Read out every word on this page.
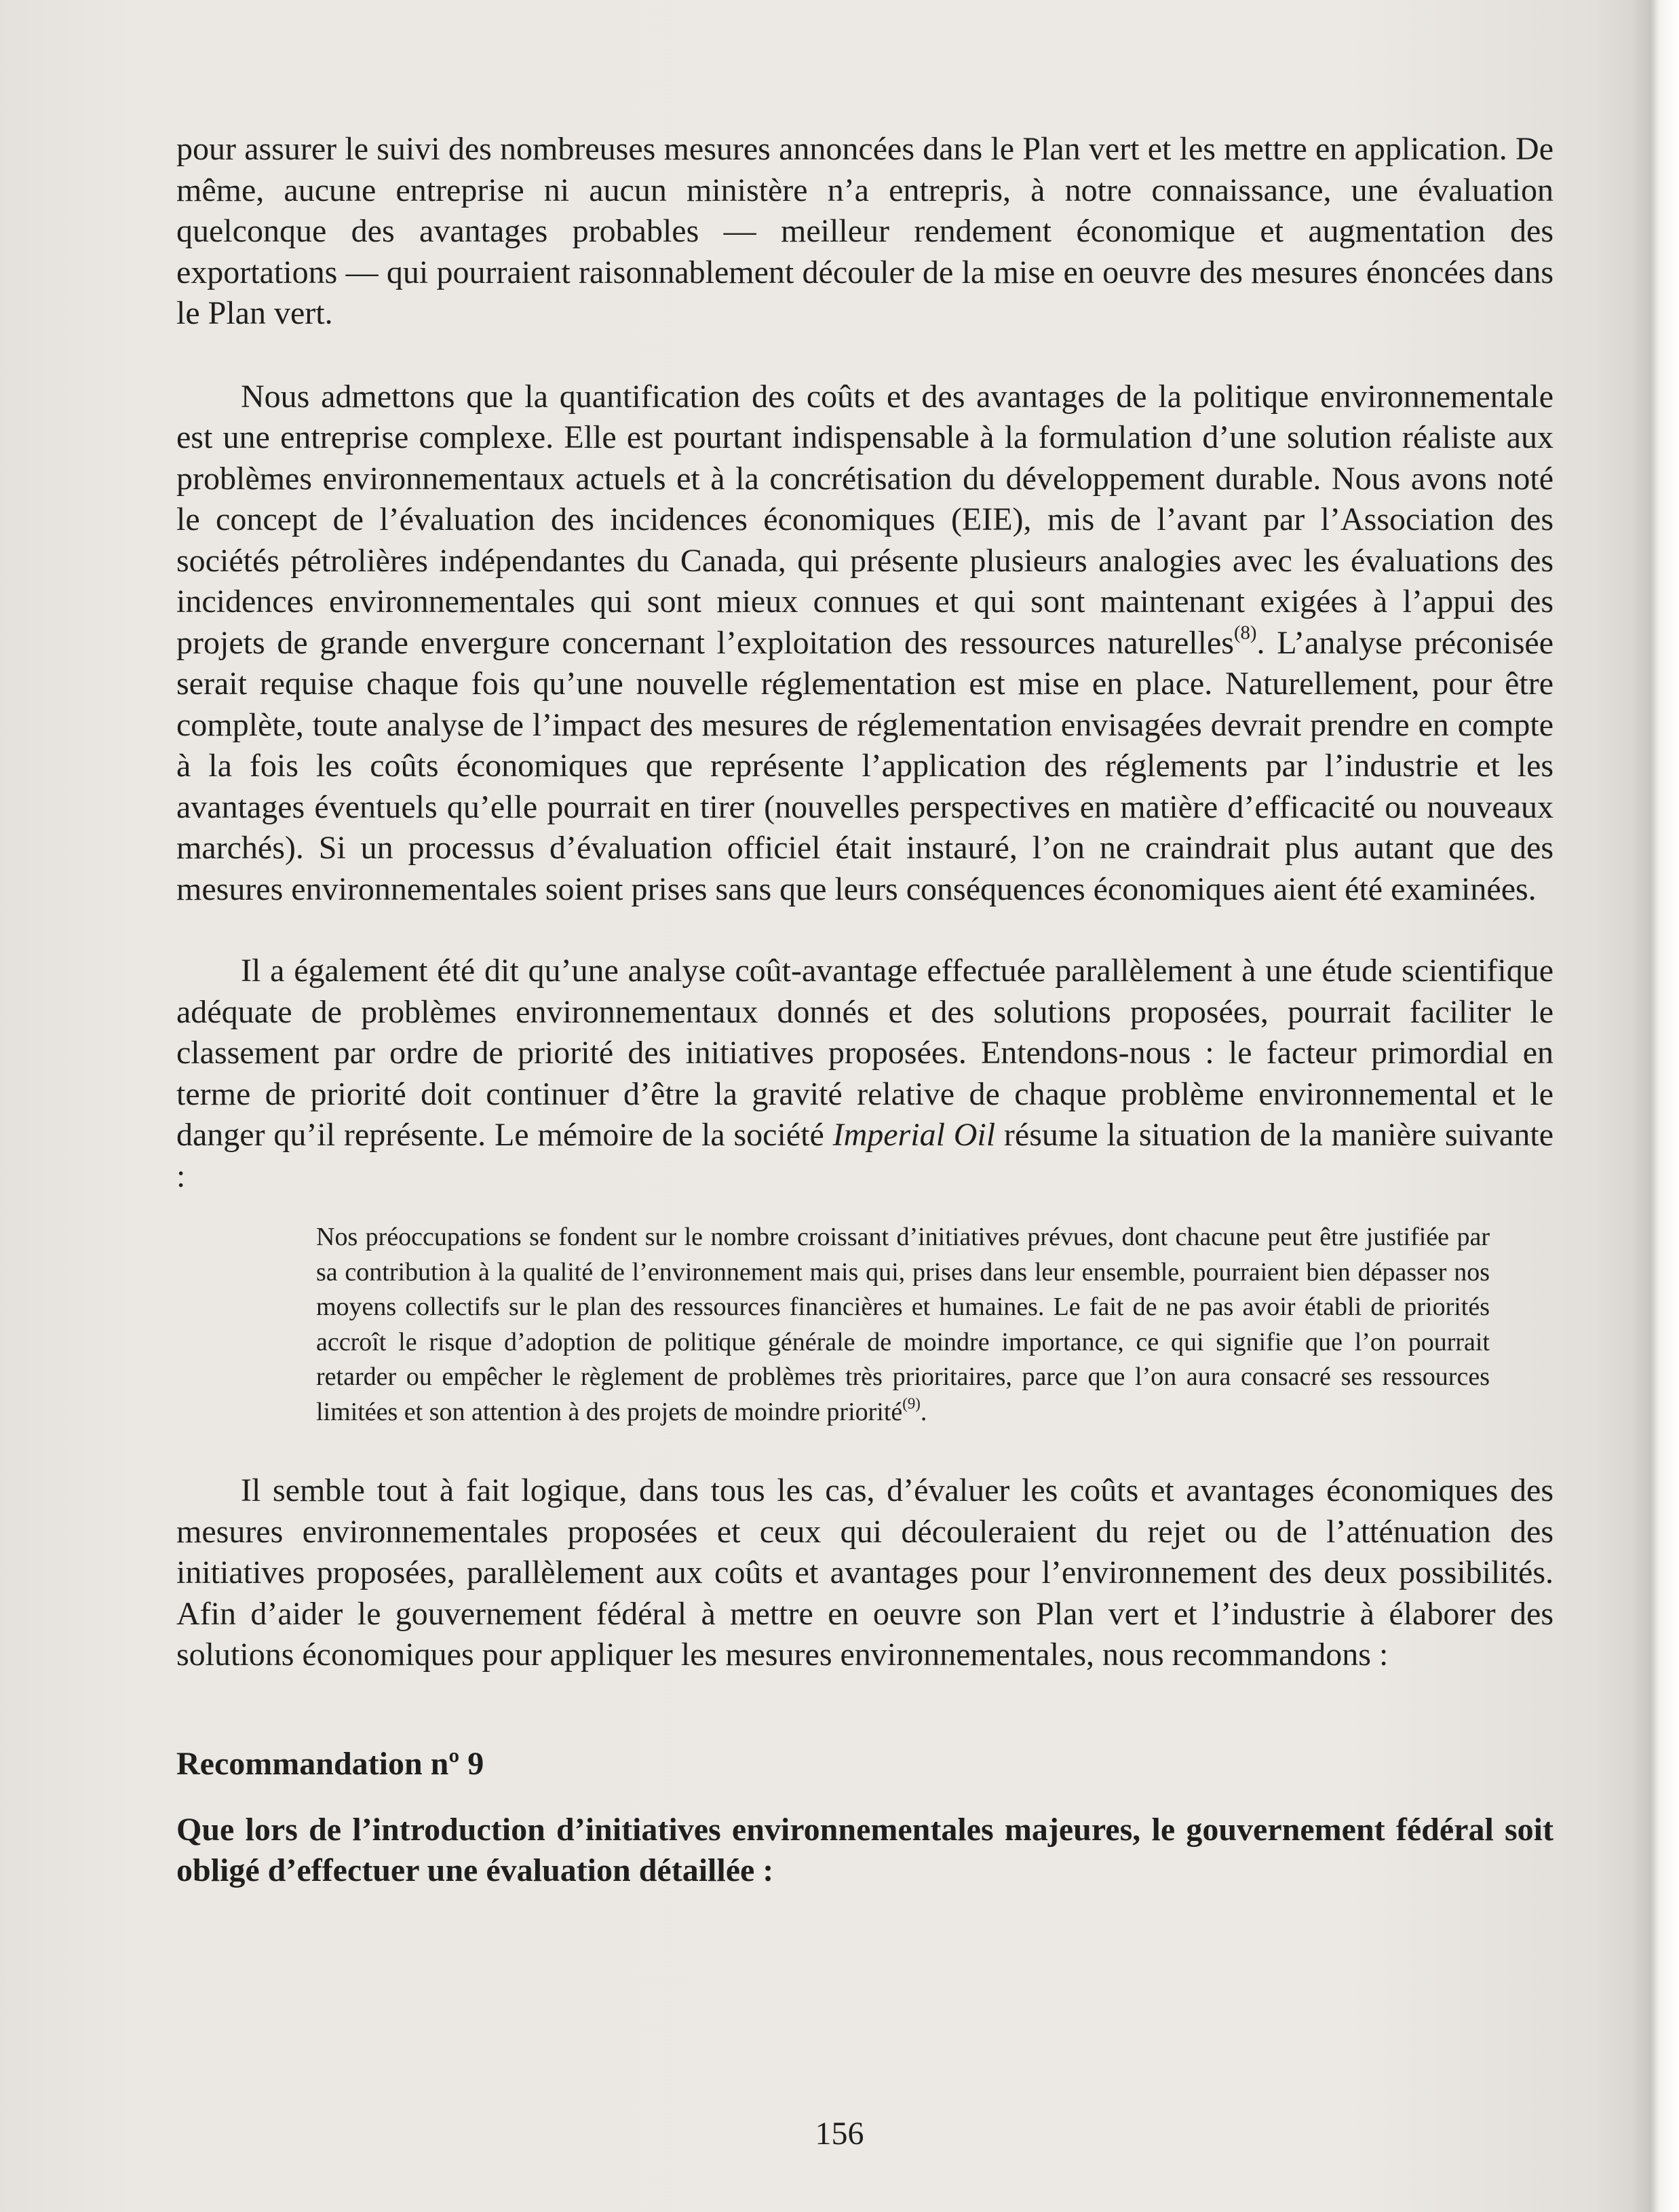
pour assurer le suivi des nombreuses mesures annoncées dans le Plan vert et les mettre en application. De même, aucune entreprise ni aucun ministère n’a entrepris, à notre connaissance, une évaluation quelconque des avantages probables — meilleur rendement économique et augmentation des exportations — qui pourraient raisonnablement découler de la mise en oeuvre des mesures énoncées dans le Plan vert.

Nous admettons que la quantification des coûts et des avantages de la politique environnementale est une entreprise complexe. Elle est pourtant indispensable à la formulation d’une solution réaliste aux problèmes environnementaux actuels et à la concrétisation du développement durable. Nous avons noté le concept de l’évaluation des incidences économiques (EIE), mis de l’avant par l’Association des sociétés pétrolières indépendantes du Canada, qui présente plusieurs analogies avec les évaluations des incidences environnementales qui sont mieux connues et qui sont maintenant exigées à l’appui des projets de grande envergure concernant l’exploitation des ressources naturelles$^{(8)}$. L’analyse préconisée serait requise chaque fois qu’une nouvelle réglementation est mise en place. Naturellement, pour être complète, toute analyse de l’impact des mesures de réglementation envisagées devrait prendre en compte à la fois les coûts économiques que représente l’application des réglements par l’industrie et les avantages éventuels qu’elle pourrait en tirer (nouvelles perspectives en matière d’efficacité ou nouveaux marchés). Si un processus d’évaluation officiel était instauré, l’on ne craindrait plus autant que des mesures environnementales soient prises sans que leurs conséquences économiques aient été examinées.

Il a également été dit qu’une analyse coût-avantage effectuée parallèlement à une étude scientifique adéquate de problèmes environnementaux donnés et des solutions proposées, pourrait faciliter le classement par ordre de priorité des initiatives proposées. Entendons-nous : le facteur primordial en terme de priorité doit continuer d’être la gravité relative de chaque problème environnemental et le danger qu’il représente. Le mémoire de la société Imperial Oil résume la situation de la manière suivante :

Nos préoccupations se fondent sur le nombre croissant d’initiatives prévues, dont chacune peut être justifiée par sa contribution à la qualité de l’environnement mais qui, prises dans leur ensemble, pourraient bien dépasser nos moyens collectifs sur le plan des ressources financières et humaines. Le fait de ne pas avoir établi de priorités accroît le risque d’adoption de politique générale de moindre importance, ce qui signifie que l’on pourrait retarder ou empêcher le règlement de problèmes très prioritaires, parce que l’on aura consacré ses ressources limitées et son attention à des projets de moindre priorité$^{(9)}$.

Il semble tout à fait logique, dans tous les cas, d’évaluer les coûts et avantages économiques des mesures environnementales proposées et ceux qui découleraient du rejet ou de l’atténuation des initiatives proposées, parallèlement aux coûts et avantages pour l’environnement des deux possibilités. Afin d’aider le gouvernement fédéral à mettre en oeuvre son Plan vert et l’industrie à élaborer des solutions économiques pour appliquer les mesures environnementales, nous recommandons :

Recommandation nº 9

Que lors de l’introduction d’initiatives environnementales majeures, le gouvernement fédéral soit obligé d’effectuer une évaluation détaillée :

156
